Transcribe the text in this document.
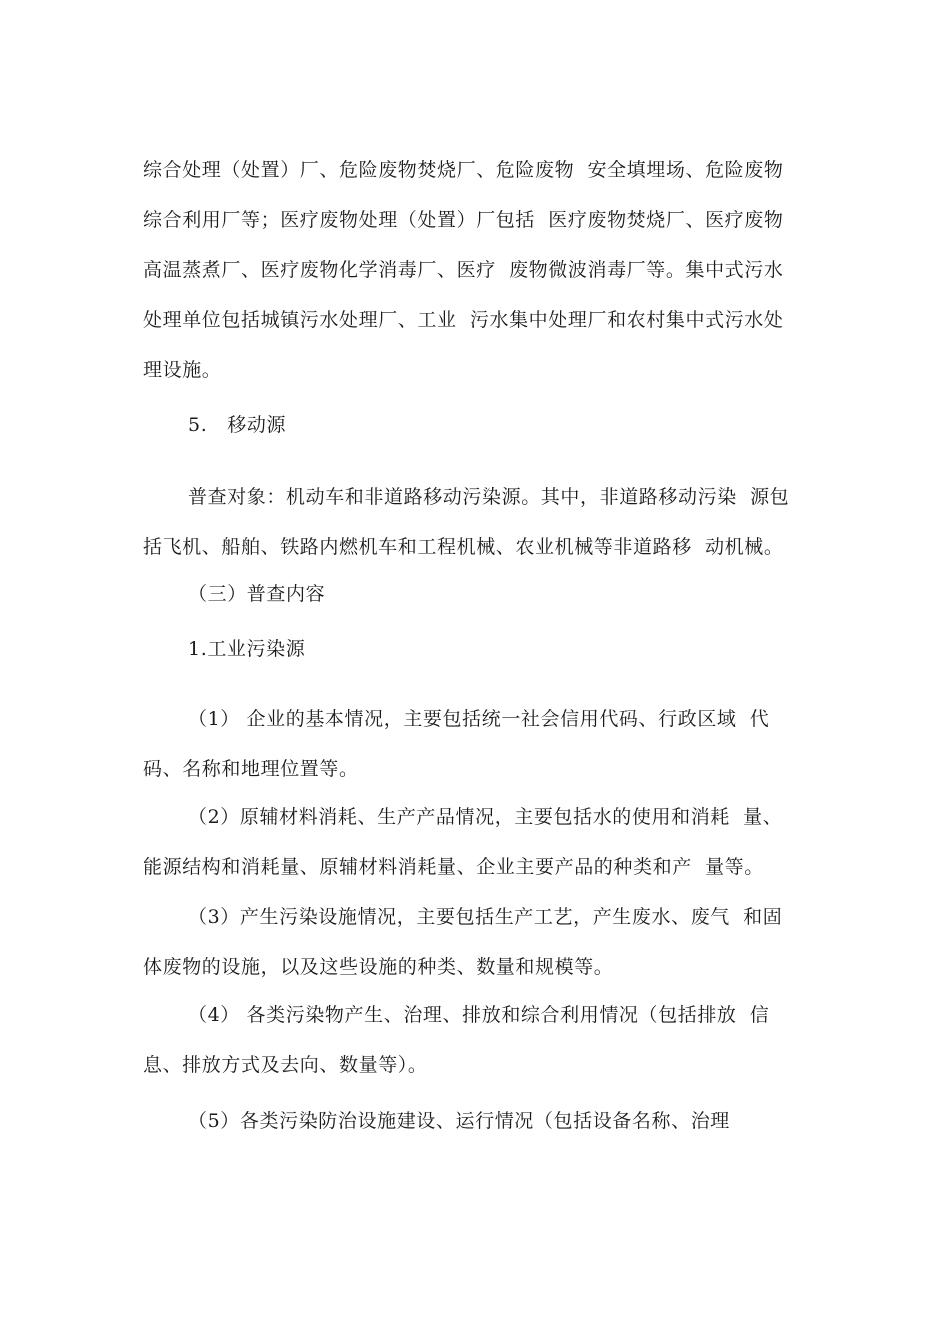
综合处理（处置）厂、危险废物焚烧厂、危险废物  安全填埋场、危险废物
综合利用厂等；医疗废物处理（处置）厂包括  医疗废物焚烧厂、医疗废物
高温蒸煮厂、医疗废物化学消毒厂、医疗  废物微波消毒厂等。集中式污水
处理单位包括城镇污水处理厂、工业  污水集中处理厂和农村集中式污水处
理设施。
5.   移动源
普查对象：机动车和非道路移动污染源。其中，非道路移动污染  源包
括飞机、船舶、铁路内燃机车和工程机械、农业机械等非道路移  动机械。
（三）普查内容
1.工业污染源
（1） 企业的基本情况，主要包括统一社会信用代码、行政区域  代
码、名称和地理位置等。
（2）原辅材料消耗、生产产品情况，主要包括水的使用和消耗  量、
能源结构和消耗量、原辅材料消耗量、企业主要产品的种类和产  量等。
（3）产生污染设施情况，主要包括生产工艺，产生废水、废气  和固
体废物的设施，以及这些设施的种类、数量和规模等。
（4） 各类污染物产生、治理、排放和综合利用情况（包括排放  信
息、排放方式及去向、数量等）。
（5）各类污染防治设施建设、运行情况（包括设备名称、治理
